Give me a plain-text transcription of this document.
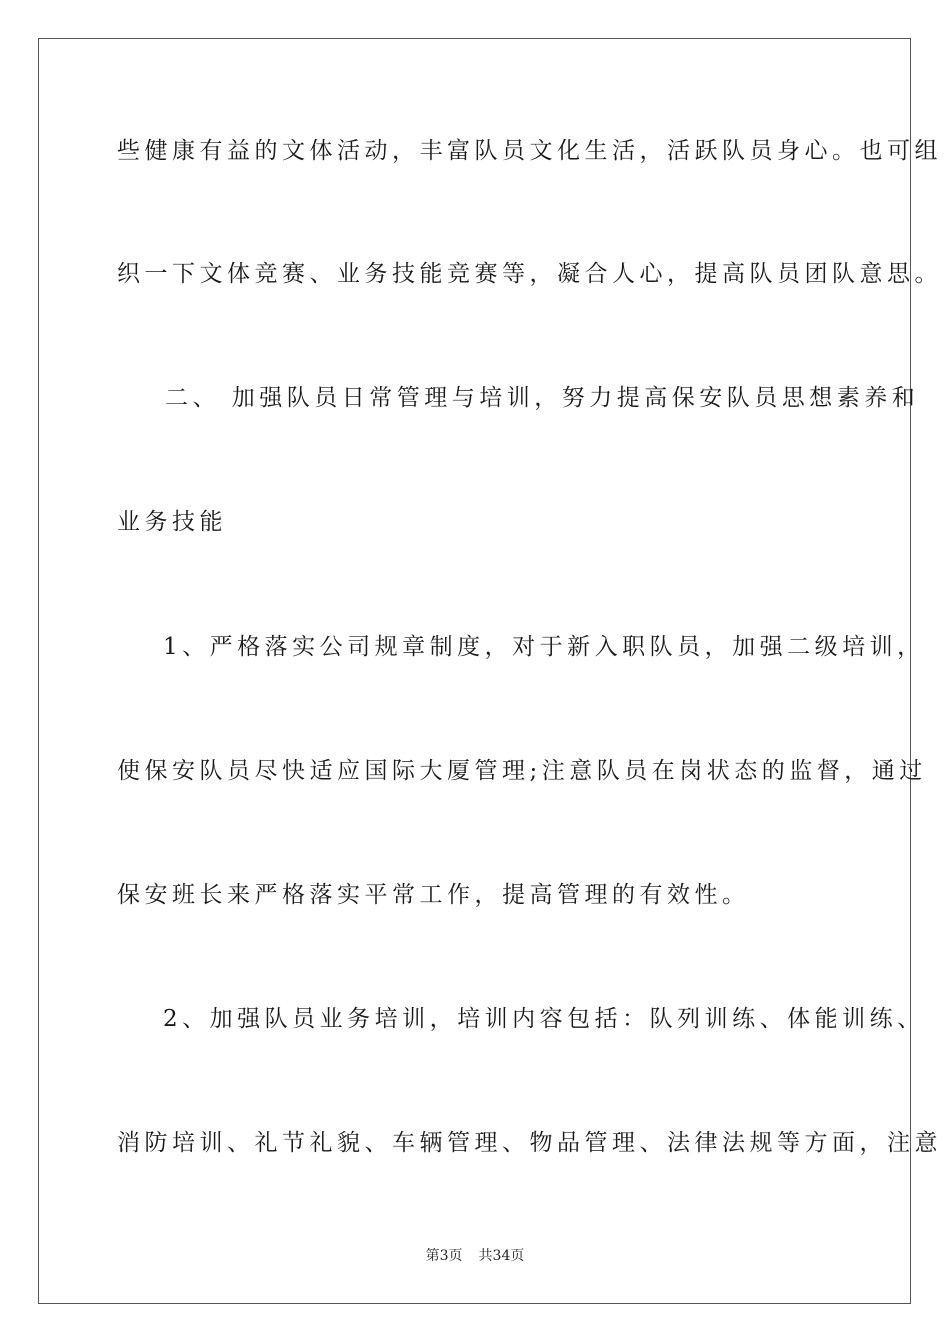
些健康有益的文体活动，丰富队员文化生活，活跃队员身心。也可组
织一下文体竞赛、业务技能竞赛等，凝合人心，提高队员团队意思。
二、 加强队员日常管理与培训，努力提高保安队员思想素养和
业务技能
1、严格落实公司规章制度，对于新入职队员，加强二级培训，
使保安队员尽快适应国际大厦管理;注意队员在岗状态的监督，通过
保安班长来严格落实平常工作，提高管理的有效性。
2、加强队员业务培训，培训内容包括：队列训练、体能训练、
消防培训、礼节礼貌、车辆管理、物品管理、法律法规等方面，注意
第3页 共34页
